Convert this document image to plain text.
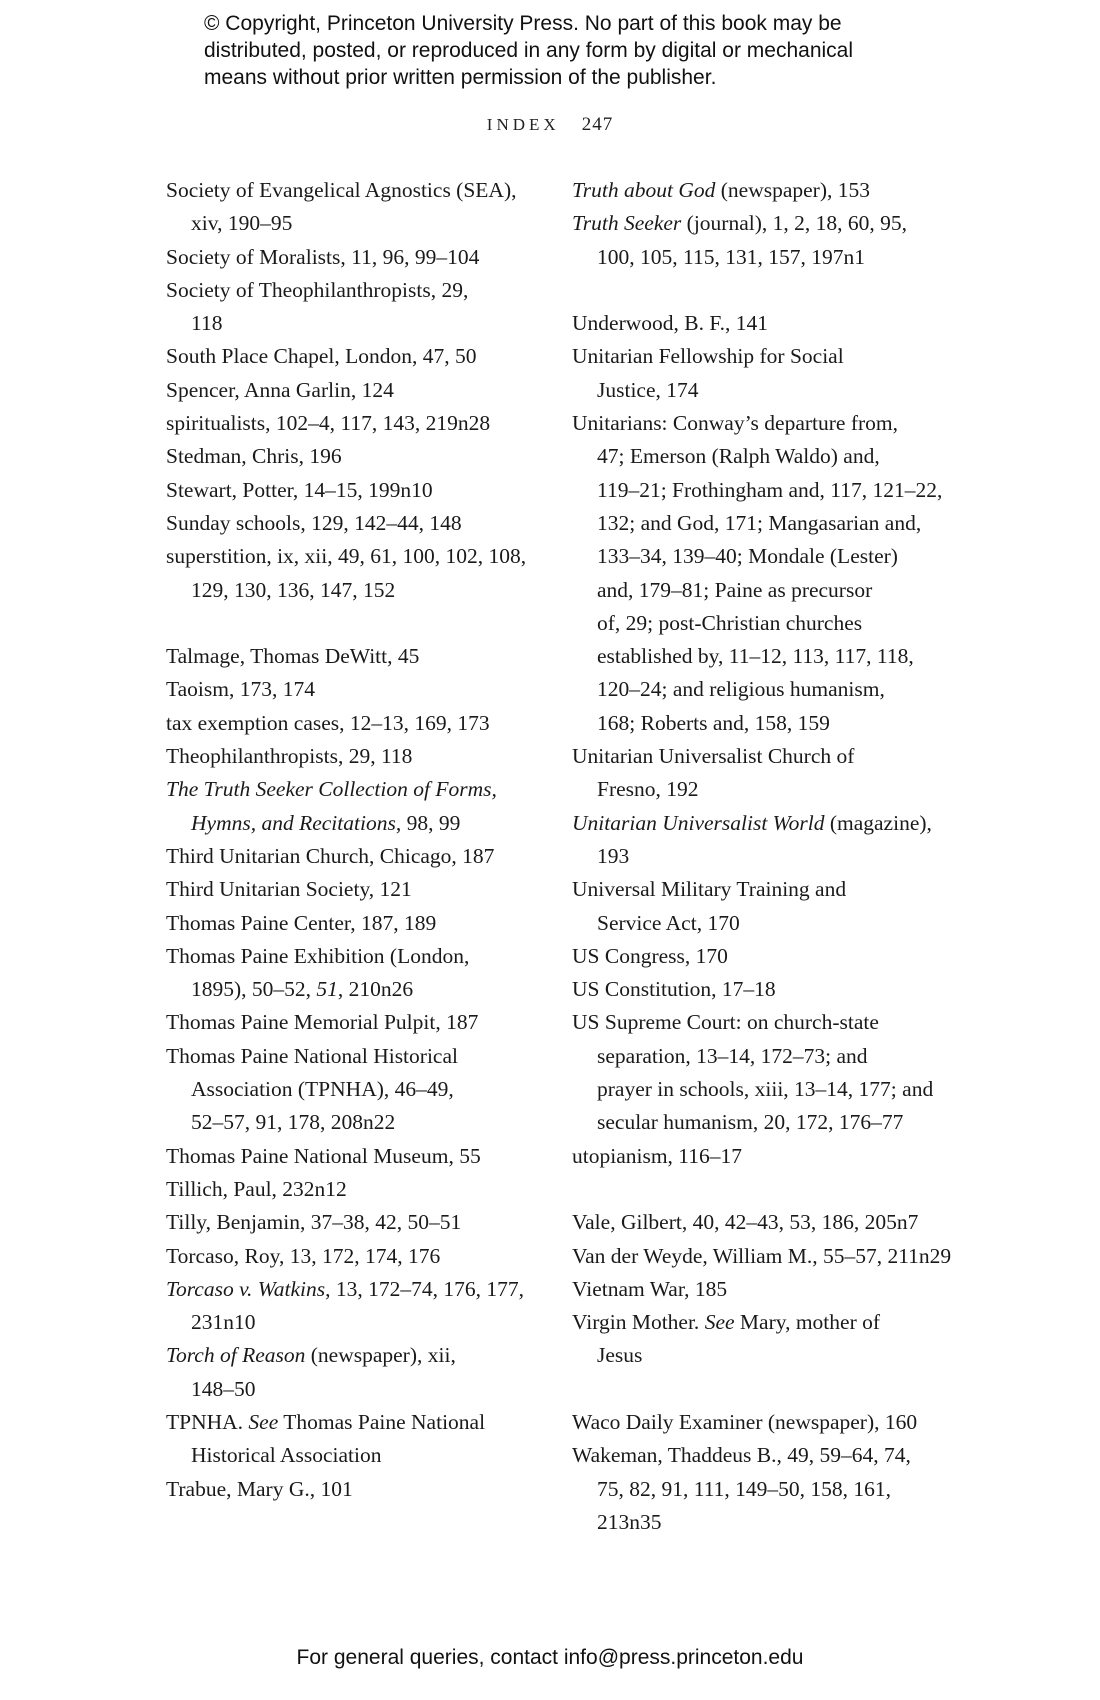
© Copyright, Princeton University Press. No part of this book may be
distributed, posted, or reproduced in any form by digital or mechanical
means without prior written permission of the publisher.
INDEX 247
Society of Evangelical Agnostics (SEA),
xiv, 190–95
Society of Moralists, 11, 96, 99–104
Society of Theophilanthropists, 29,
118
South Place Chapel, London, 47, 50
Spencer, Anna Garlin, 124
spiritualists, 102–4, 117, 143, 219n28
Stedman, Chris, 196
Stewart, Potter, 14–15, 199n10
Sunday schools, 129, 142–44, 148
superstition, ix, xii, 49, 61, 100, 102, 108,
129, 130, 136, 147, 152
Talmage, Thomas DeWitt, 45
Taoism, 173, 174
tax exemption cases, 12–13, 169, 173
Theophilanthropists, 29, 118
The Truth Seeker Collection of Forms,
Hymns, and Recitations, 98, 99
Third Unitarian Church, Chicago, 187
Third Unitarian Society, 121
Thomas Paine Center, 187, 189
Thomas Paine Exhibition (London,
1895), 50–52, 51, 210n26
Thomas Paine Memorial Pulpit, 187
Thomas Paine National Historical
Association (TPNHA), 46–49,
52–57, 91, 178, 208n22
Thomas Paine National Museum, 55
Tillich, Paul, 232n12
Tilly, Benjamin, 37–38, 42, 50–51
Torcaso, Roy, 13, 172, 174, 176
Torcaso v. Watkins, 13, 172–74, 176, 177,
231n10
Torch of Reason (newspaper), xii,
148–50
TPNHA. See Thomas Paine National
Historical Association
Trabue, Mary G., 101
Truth about God (newspaper), 153
Truth Seeker (journal), 1, 2, 18, 60, 95,
100, 105, 115, 131, 157, 197n1
Underwood, B. F., 141
Unitarian Fellowship for Social
Justice, 174
Unitarians: Conway’s departure from,
47; Emerson (Ralph Waldo) and,
119–21; Frothingham and, 117, 121–22,
132; and God, 171; Mangasarian and,
133–34, 139–40; Mondale (Lester)
and, 179–81; Paine as precursor
of, 29; post-Christian churches
established by, 11–12, 113, 117, 118,
120–24; and religious humanism,
168; Roberts and, 158, 159
Unitarian Universalist Church of
Fresno, 192
Unitarian Universalist World (magazine),
193
Universal Military Training and
Service Act, 170
US Congress, 170
US Constitution, 17–18
US Supreme Court: on church-state
separation, 13–14, 172–73; and
prayer in schools, xiii, 13–14, 177; and
secular humanism, 20, 172, 176–77
utopianism, 116–17
Vale, Gilbert, 40, 42–43, 53, 186, 205n7
Van der Weyde, William M., 55–57, 211n29
Vietnam War, 185
Virgin Mother. See Mary, mother of
Jesus
Waco Daily Examiner (newspaper), 160
Wakeman, Thaddeus B., 49, 59–64, 74,
75, 82, 91, 111, 149–50, 158, 161, 213n35
For general queries, contact info@press.princeton.edu
